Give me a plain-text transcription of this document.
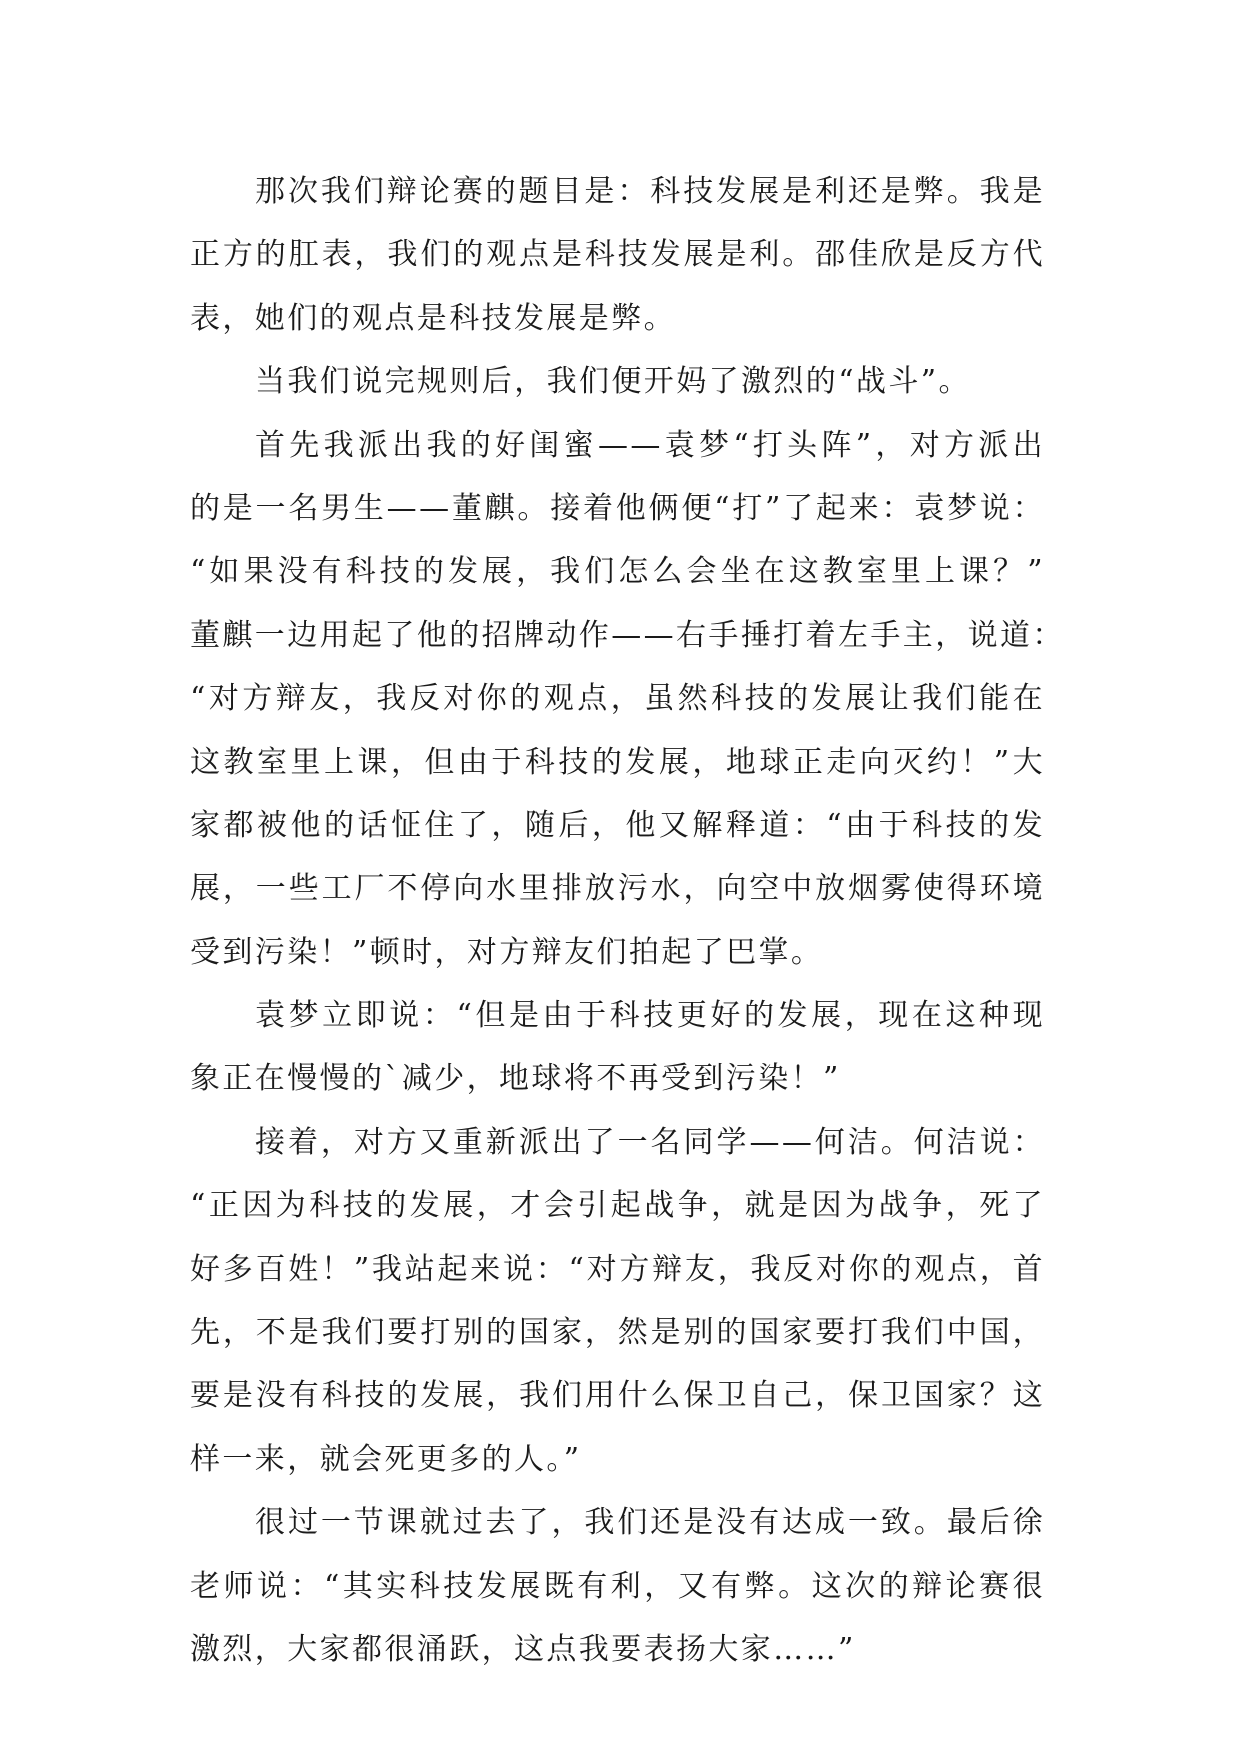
那次我们辩论赛的题目是：科技发展是利还是弊。我是
正方的肛表，我们的观点是科技发展是利。邵佳欣是反方代
表，她们的观点是科技发展是弊。
当我们说完规则后，我们便开妈了激烈的“战斗”。
首先我派出我的好闺蜜——袁梦“打头阵”，对方派出
的是一名男生——董麒。接着他俩便“打”了起来：袁梦说：
“如果没有科技的发展，我们怎么会坐在这教室里上课？”
董麒一边用起了他的招牌动作——右手捶打着左手主，说道：
“对方辩友，我反对你的观点，虽然科技的发展让我们能在
这教室里上课，但由于科技的发展，地球正走向灭约！”大
家都被他的话怔住了，随后，他又解释道：“由于科技的发
展，一些工厂不停向水里排放污水，向空中放烟雾使得环境
受到污染！”顿时，对方辩友们拍起了巴掌。
袁梦立即说：“但是由于科技更好的发展，现在这种现
象正在慢慢的`减少，地球将不再受到污染！”
接着，对方又重新派出了一名同学——何洁。何洁说：
“正因为科技的发展，才会引起战争，就是因为战争，死了
好多百姓！”我站起来说：“对方辩友，我反对你的观点，首
先，不是我们要打别的国家，然是别的国家要打我们中国，
要是没有科技的发展，我们用什么保卫自己，保卫国家？这
样一来，就会死更多的人。”
很过一节课就过去了，我们还是没有达成一致。最后徐
老师说：“其实科技发展既有利，又有弊。这次的辩论赛很
激烈，大家都很涌跃，这点我要表扬大家……”
